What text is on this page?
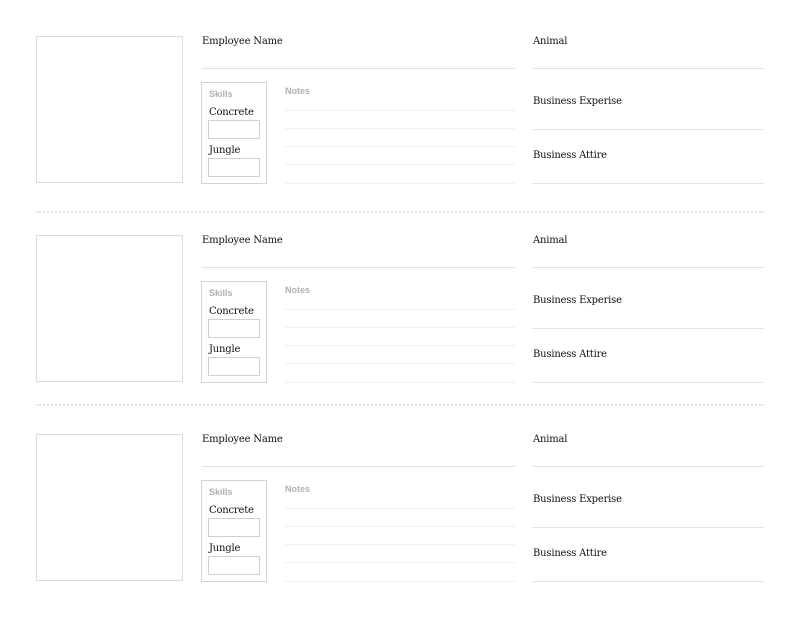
Employee Name
Skills
Concrete
Jungle
Notes
Animal
Business Experise
Business Attire
Employee Name
Skills
Concrete
Jungle
Notes
Animal
Business Experise
Business Attire
Employee Name
Skills
Concrete
Jungle
Notes
Animal
Business Experise
Business Attire
